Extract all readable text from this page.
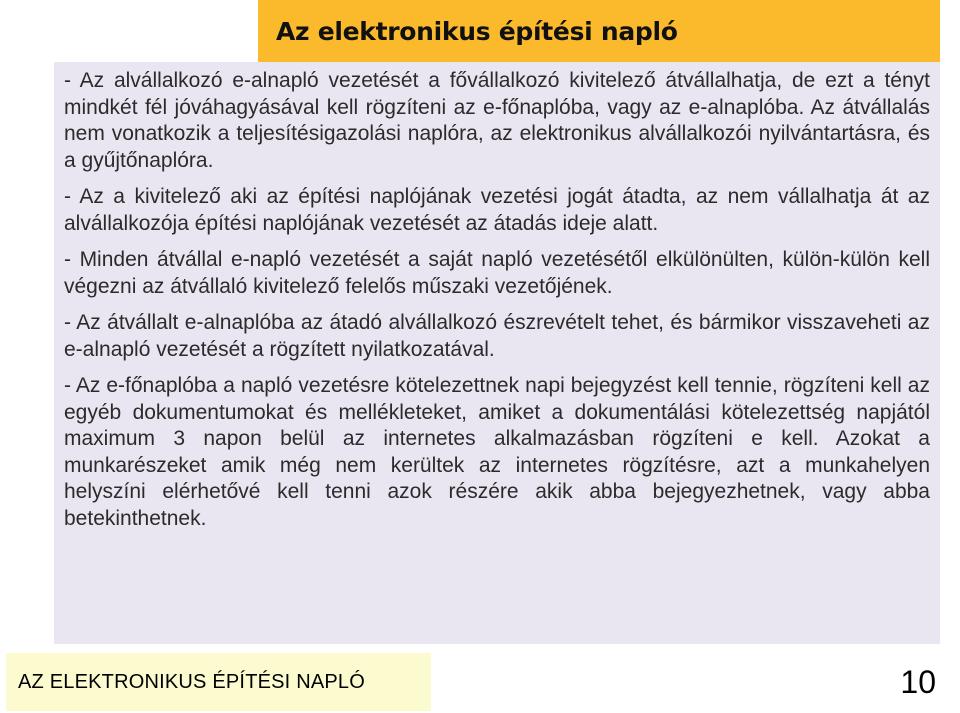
Az elektronikus építési napló

- Az alvállalkozó e-alnapló vezetését a fővállalkozó kivitelező átvállalhatja, de ezt a tényt mindkét fél jóváhagyásával kell rögzíteni az e-főnaplóba, vagy az e-alnaplóba. Az átvállalás nem vonatkozik a teljesítésigazolási naplóra, az elektronikus alvállalkozói nyilvántartásra, és a gyűjtőnaplóra.

- Az a kivitelező aki az építési naplójának vezetési jogát átadta, az nem vállalhatja át az alvállalkozója építési naplójának vezetését az átadás ideje alatt.

- Minden átvállal e-napló vezetését a saját napló vezetésétől elkülönülten, külön-külön kell végezni az átvállaló kivitelező felelős műszaki vezetőjének.

- Az átvállalt e-alnaplóba az átadó alvállalkozó észrevételt tehet, és bármikor visszaveheti az e-alnapló vezetését a rögzített nyilatkozatával.

- Az e-főnaplóba a napló vezetésre kötelezettnek napi bejegyzést kell tennie, rögzíteni kell az egyéb dokumentumokat és mellékleteket, amiket a dokumentálási kötelezettség napjától maximum 3 napon belül az internetes alkalmazásban rögzíteni e kell. Azokat a munkarészeket amik még nem kerültek az internetes rögzítésre, azt a munkahelyen helyszíni elérhetővé kell tenni azok részére akik abba bejegyezhetnek, vagy abba betekinthetnek.

AZ ELEKTRONIKUS ÉPÍTÉSI NAPLÓ	10
